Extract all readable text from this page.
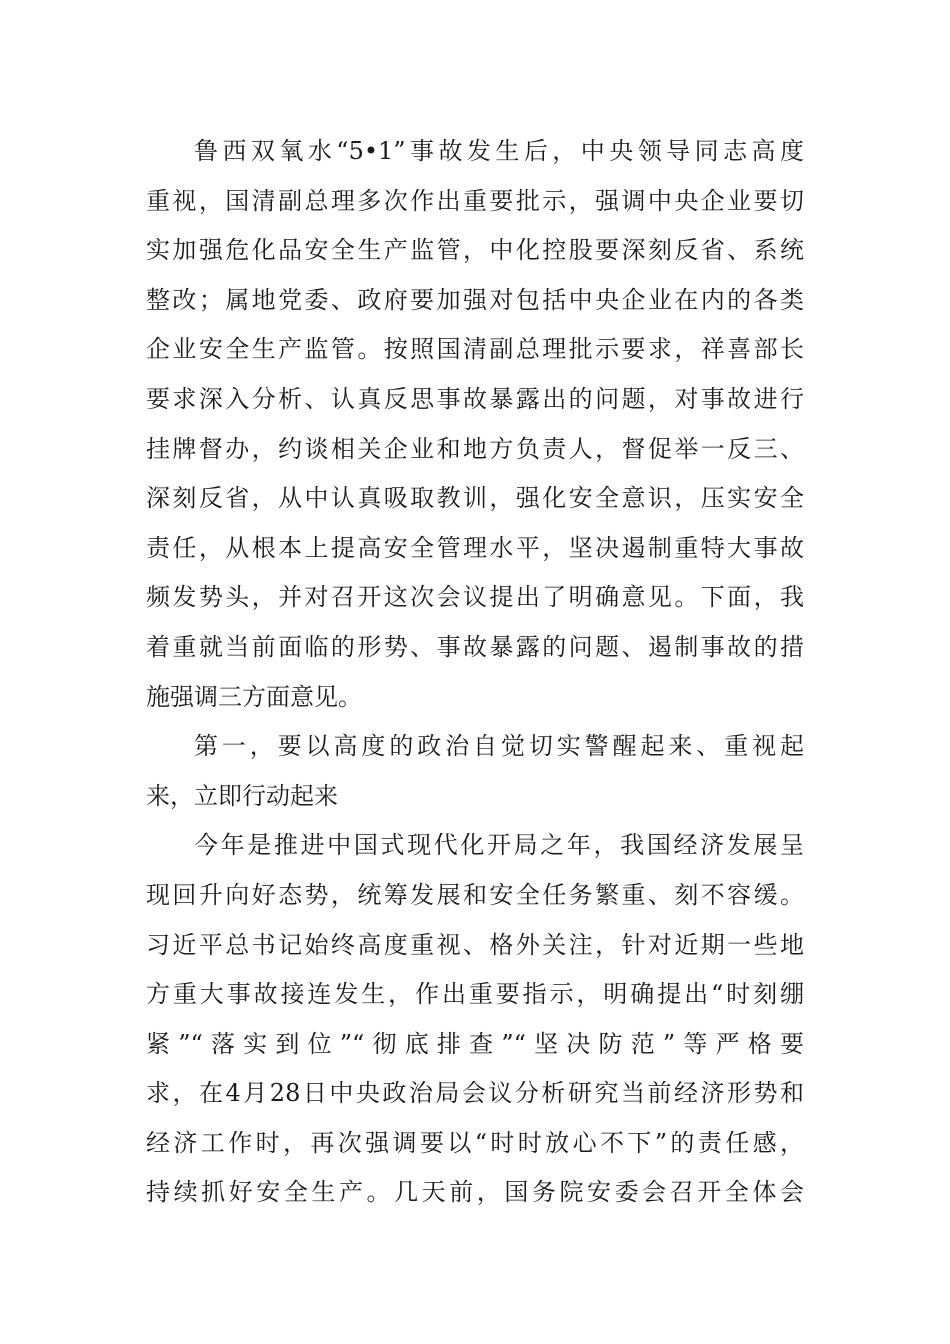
鲁西双氧水“5•1”事故发生后，中央领导同志高度
重视，国清副总理多次作出重要批示，强调中央企业要切
实加强危化品安全生产监管，中化控股要深刻反省、系统
整改；属地党委、政府要加强对包括中央企业在内的各类
企业安全生产监管。按照国清副总理批示要求，祥喜部长
要求深入分析、认真反思事故暴露出的问题，对事故进行
挂牌督办，约谈相关企业和地方负责人，督促举一反三、
深刻反省，从中认真吸取教训，强化安全意识，压实安全
责任，从根本上提高安全管理水平，坚决遏制重特大事故
频发势头，并对召开这次会议提出了明确意见。下面，我
着重就当前面临的形势、事故暴露的问题、遏制事故的措
施强调三方面意见。
第一，要以高度的政治自觉切实警醒起来、重视起
来，立即行动起来
今年是推进中国式现代化开局之年，我国经济发展呈
现回升向好态势，统筹发展和安全任务繁重、刻不容缓。
习近平总书记始终高度重视、格外关注，针对近期一些地
方重大事故接连发生，作出重要指示，明确提出“时刻绷
紧”“落实到位”“彻底排查”“坚决防范”等严格要
求，在4月28日中央政治局会议分析研究当前经济形势和
经济工作时，再次强调要以“时时放心不下”的责任感，
持续抓好安全生产。几天前，国务院安委会召开全体会
